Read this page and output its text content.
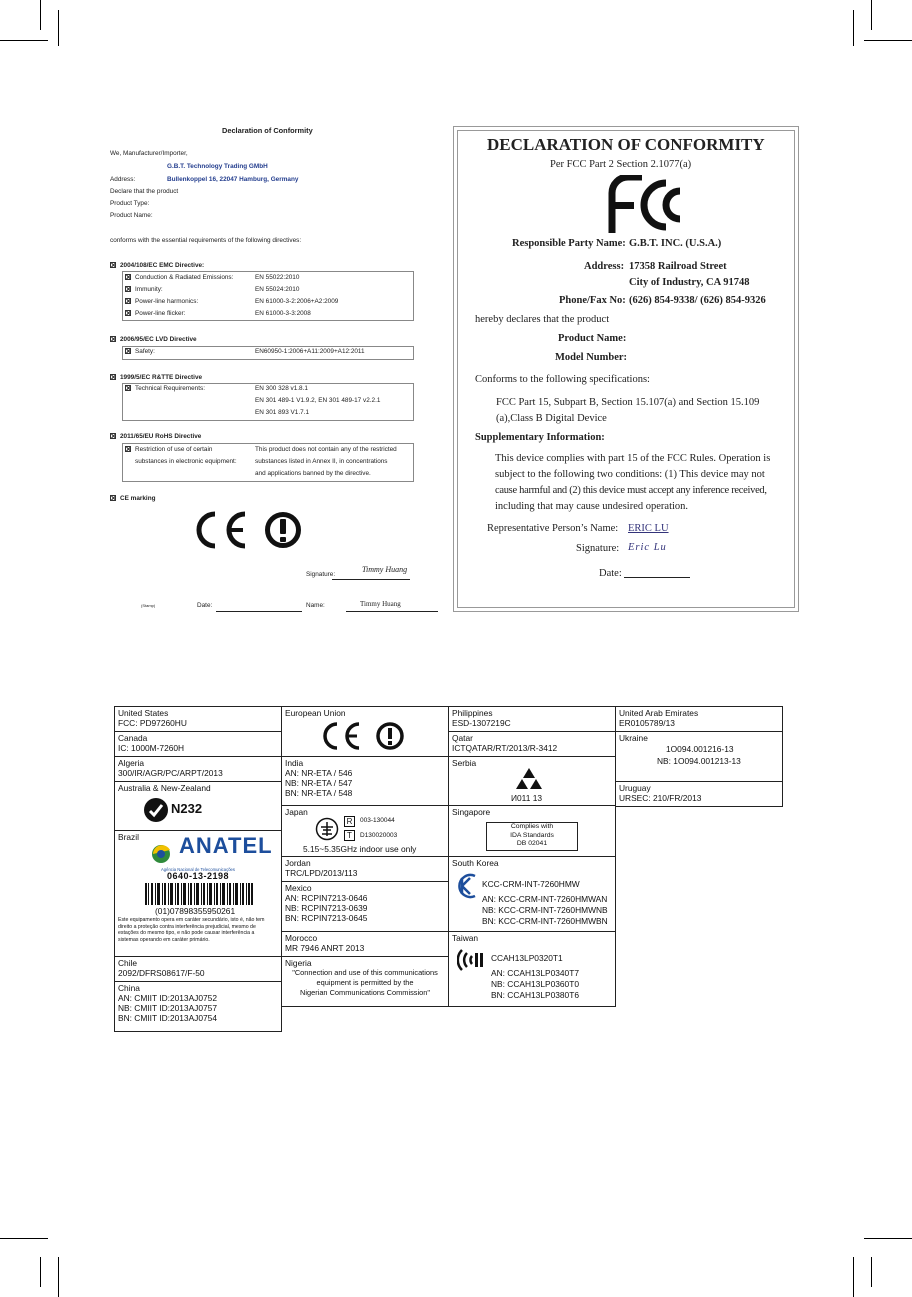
Declaration of Conformity
We, Manufacturer/Importer,
G.B.T. Technology Trading GMbH
Address:	Bullenkoppel 16, 22047 Hamburg, Germany
Declare that the product
Product Type:
Product Name:
conforms with the essential requirements of the following directives:
2004/108/EC EMC Directive:
Conduction & Radiated Emissions:	EN 55022:2010
Immunity:	EN 55024:2010
Power-line harmonics:	EN 61000-3-2:2006+A2:2009
Power-line flicker:	EN 61000-3-3:2008
2006/95/EC LVD Directive
Safety:	EN60950-1:2006+A11:2009+A12:2011
1999/5/EC R&TTE Directive
Technical Requirements:	EN 300 328 v1.8.1
EN 301 489-1 V1.9.2, EN 301 489-17 v2.2.1
EN 301 893 V1.7.1
2011/65/EU RoHS Directive
Restriction of use of certain
substances in electronic equipment:
This product does not contain any of the restricted
substances listed in Annex II, in concentrations
and applications banned by the directive.
CE marking
Signature:
Timmy Huang
(Stamp)	Date:	Name:	Timmy Huang
DECLARATION OF CONFORMITY
Per FCC Part 2 Section 2.1077(a)
Responsible Party Name: G.B.T. INC. (U.S.A.)
Address: 17358 Railroad Street
City of Industry, CA 91748
Phone/Fax No: (626) 854-9338/ (626) 854-9326
hereby declares that the product
Product Name:
Model Number:
Conforms to the following specifications:
FCC Part 15, Subpart B, Section 15.107(a) and Section 15.109
(a),Class B Digital Device
Supplementary Information:
This device complies with part 15 of the FCC Rules. Operation is
subject to the following two conditions: (1) This device may not
cause harmful and (2) this device must accept any inference received,
including that may cause undesired operation.
Representative Person’s Name: ERIC LU
Signature: Eric Lu
Date:
United States
FCC: PD97260HU
Canada
IC: 1000M-7260H
Algeria
300/IR/AGR/PC/ARPT/2013
Australia & New-Zealand
N232
Brazil	ANATEL
Agência Nacional de Telecomunicações
0640-13-2198
(01)07898355950261
Este equipamento opera em caráter secundário, isto é, não tem
direito a proteção contra interferência prejudicial, mesmo de
estações do mesmo tipo, e não pode causar interferência a
sistemas operando em caráter primário.
Chile
2092/DFRS08617/F-50
China
AN: CMIIT ID:2013AJ0752
NB: CMIIT ID:2013AJ0757
BN: CMIIT ID:2013AJ0754
European Union
India
AN: NR-ETA / 546
NB: NR-ETA / 547
BN: NR-ETA / 548
Japan
R	003-130044
T	D130020003
5.15~5.35GHz indoor use only
Jordan
TRC/LPD/2013/113
Mexico
AN: RCPIN7213-0646
NB: RCPIN7213-0639
BN: RCPIN7213-0645
Morocco
MR 7946 ANRT 2013
Nigeria
"Connection and use of this communications
equipment is permitted by the
Nigerian Communications Commission"
Philippines
ESD-1307219C
Qatar
ICTQATAR/RT/2013/R-3412
Serbia
И011 13
Singapore
Complies with
IDA Standards
DB 02041
South Korea
KCC-CRM-INT-7260HMW
AN: KCC-CRM-INT-7260HMWAN
NB: KCC-CRM-INT-7260HMWNB
BN: KCC-CRM-INT-7260HMWBN
Taiwan
CCAH13LP0320T1
AN: CCAH13LP0340T7
NB: CCAH13LP0360T0
BN: CCAH13LP0380T6
United Arab Emirates
ER0105789/13
Ukraine
1O094.001216-13
NB: 1O094.001213-13
Uruguay
URSEC: 210/FR/2013
